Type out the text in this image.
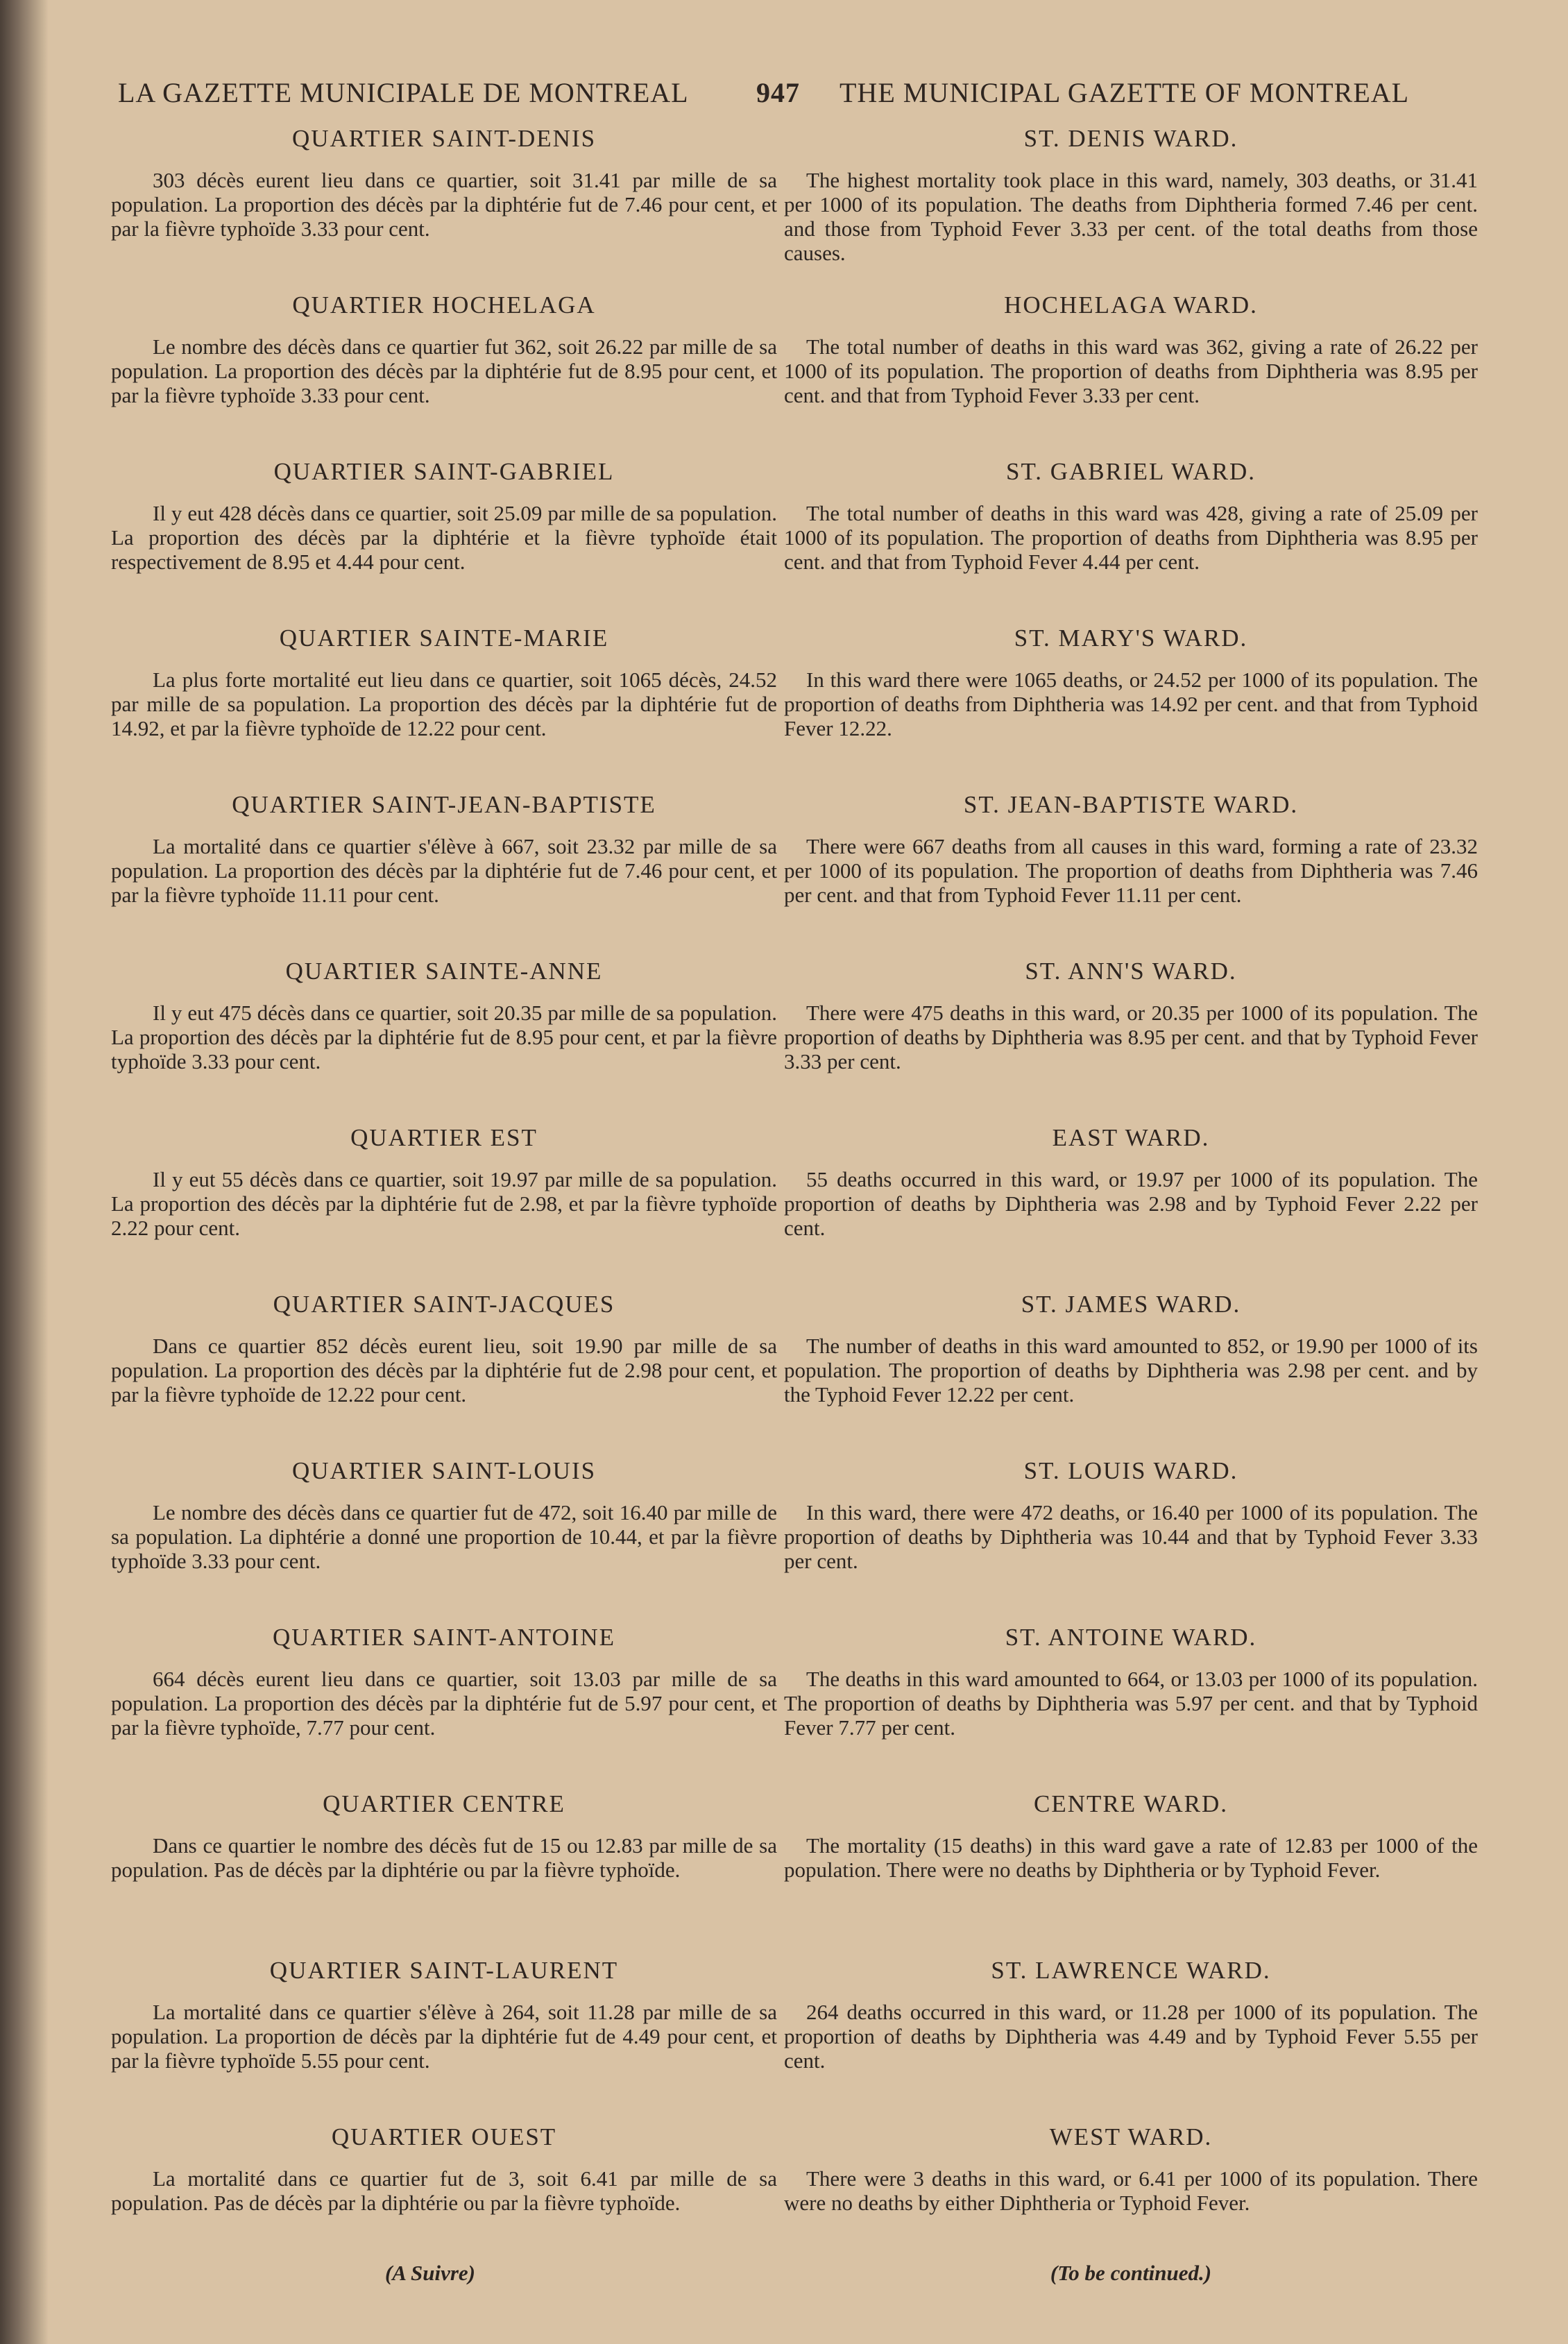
LA GAZETTE MUNICIPALE DE MONTREAL 947 THE MUNICIPAL GAZETTE OF MONTREAL
QUARTIER SAINT-DENIS

303 décès eurent lieu dans ce quartier, soit 31.41 par mille de sa population. La proportion des décès par la diphtérie fut de 7.46 pour cent, et par la fièvre typhoïde 3.33 pour cent.

QUARTIER HOCHELAGA

Le nombre des décès dans ce quartier fut 362, soit 26.22 par mille de sa population. La proportion des décès par la diphtérie fut de 8.95 pour cent, et par la fièvre typhoïde 3.33 pour cent.

QUARTIER SAINT-GABRIEL

Il y eut 428 décès dans ce quartier, soit 25.09 par mille de sa population. La proportion des décès par la diphtérie et la fièvre typhoïde était respectivement de 8.95 et 4.44 pour cent.

QUARTIER SAINTE-MARIE

La plus forte mortalité eut lieu dans ce quartier, soit 1065 décès, 24.52 par mille de sa population. La proportion des décès par la diphtérie fut de 14.92, et par la fièvre typhoïde de 12.22 pour cent.

QUARTIER SAINT-JEAN-BAPTISTE

La mortalité dans ce quartier s'élève à 667, soit 23.32 par mille de sa population. La proportion des décès par la diphtérie fut de 7.46 pour cent, et par la fièvre typhoïde 11.11 pour cent.

QUARTIER SAINTE-ANNE

Il y eut 475 décès dans ce quartier, soit 20.35 par mille de sa population. La proportion des décès par la diphtérie fut de 8.95 pour cent, et par la fièvre typhoïde 3.33 pour cent.

QUARTIER EST

Il y eut 55 décès dans ce quartier, soit 19.97 par mille de sa population. La proportion des décès par la diphtérie fut de 2.98, et par la fièvre typhoïde 2.22 pour cent.

QUARTIER SAINT-JACQUES

Dans ce quartier 852 décès eurent lieu, soit 19.90 par mille de sa population. La proportion des décès par la diphtérie fut de 2.98 pour cent, et par la fièvre typhoïde de 12.22 pour cent.

QUARTIER SAINT-LOUIS

Le nombre des décès dans ce quartier fut de 472, soit 16.40 par mille de sa population. La diphtérie a donné une proportion de 10.44, et par la fièvre typhoïde 3.33 pour cent.

QUARTIER SAINT-ANTOINE

664 décès eurent lieu dans ce quartier, soit 13.03 par mille de sa population. La proportion des décès par la diphtérie fut de 5.97 pour cent, et par la fièvre typhoïde, 7.77 pour cent.

QUARTIER CENTRE

Dans ce quartier le nombre des décès fut de 15 ou 12.83 par mille de sa population. Pas de décès par la diphtérie ou par la fièvre typhoïde.

QUARTIER SAINT-LAURENT

La mortalité dans ce quartier s'élève à 264, soit 11.28 par mille de sa population. La proportion de décès par la diphtérie fut de 4.49 pour cent, et par la fièvre typhoïde 5.55 pour cent.

QUARTIER OUEST

La mortalité dans ce quartier fut de 3, soit 6.41 par mille de sa population. Pas de décès par la diphtérie ou par la fièvre typhoïde.

(A Suivre)
ST. DENIS WARD.

The highest mortality took place in this ward, namely, 303 deaths, or 31.41 per 1000 of its population. The deaths from Diphtheria formed 7.46 per cent. and those from Typhoid Fever 3.33 per cent. of the total deaths from those causes.

HOCHELAGA WARD.

The total number of deaths in this ward was 362, giving a rate of 26.22 per 1000 of its population. The proportion of deaths from Diphtheria was 8.95 per cent. and that from Typhoid Fever 3.33 per cent.

ST. GABRIEL WARD.

The total number of deaths in this ward was 428, giving a rate of 25.09 per 1000 of its population. The proportion of deaths from Diphtheria was 8.95 per cent. and that from Typhoid Fever 4.44 per cent.

ST. MARY'S WARD.

In this ward there were 1065 deaths, or 24.52 per 1000 of its population. The proportion of deaths from Diphtheria was 14.92 per cent. and that from Typhoid Fever 12.22.

ST. JEAN-BAPTISTE WARD.

There were 667 deaths from all causes in this ward, forming a rate of 23.32 per 1000 of its population. The proportion of deaths from Diphtheria was 7.46 per cent. and that from Typhoid Fever 11.11 per cent.

ST. ANN'S WARD.

There were 475 deaths in this ward, or 20.35 per 1000 of its population. The proportion of deaths by Diphtheria was 8.95 per cent. and that by Typhoid Fever 3.33 per cent.

EAST WARD.

55 deaths occurred in this ward, or 19.97 per 1000 of its population. The proportion of deaths by Diphtheria was 2.98 and by Typhoid Fever 2.22 per cent.

ST. JAMES WARD.

The number of deaths in this ward amounted to 852, or 19.90 per 1000 of its population. The proportion of deaths by Diphtheria was 2.98 per cent. and by the Typhoid Fever 12.22 per cent.

ST. LOUIS WARD.

In this ward, there were 472 deaths, or 16.40 per 1000 of its population. The proportion of deaths by Diphtheria was 10.44 and that by Typhoid Fever 3.33 per cent.

ST. ANTOINE WARD.

The deaths in this ward amounted to 664, or 13.03 per 1000 of its population. The proportion of deaths by Diphtheria was 5.97 per cent. and that by Typhoid Fever 7.77 per cent.

CENTRE WARD.

The mortality (15 deaths) in this ward gave a rate of 12.83 per 1000 of the population. There were no deaths by Diphtheria or by Typhoid Fever.

ST. LAWRENCE WARD.

264 deaths occurred in this ward, or 11.28 per 1000 of its population. The proportion of deaths by Diphtheria was 4.49 and by Typhoid Fever 5.55 per cent.

WEST WARD.

There were 3 deaths in this ward, or 6.41 per 1000 of its population. There were no deaths by either Diphtheria or Typhoid Fever.

(To be continued.)
